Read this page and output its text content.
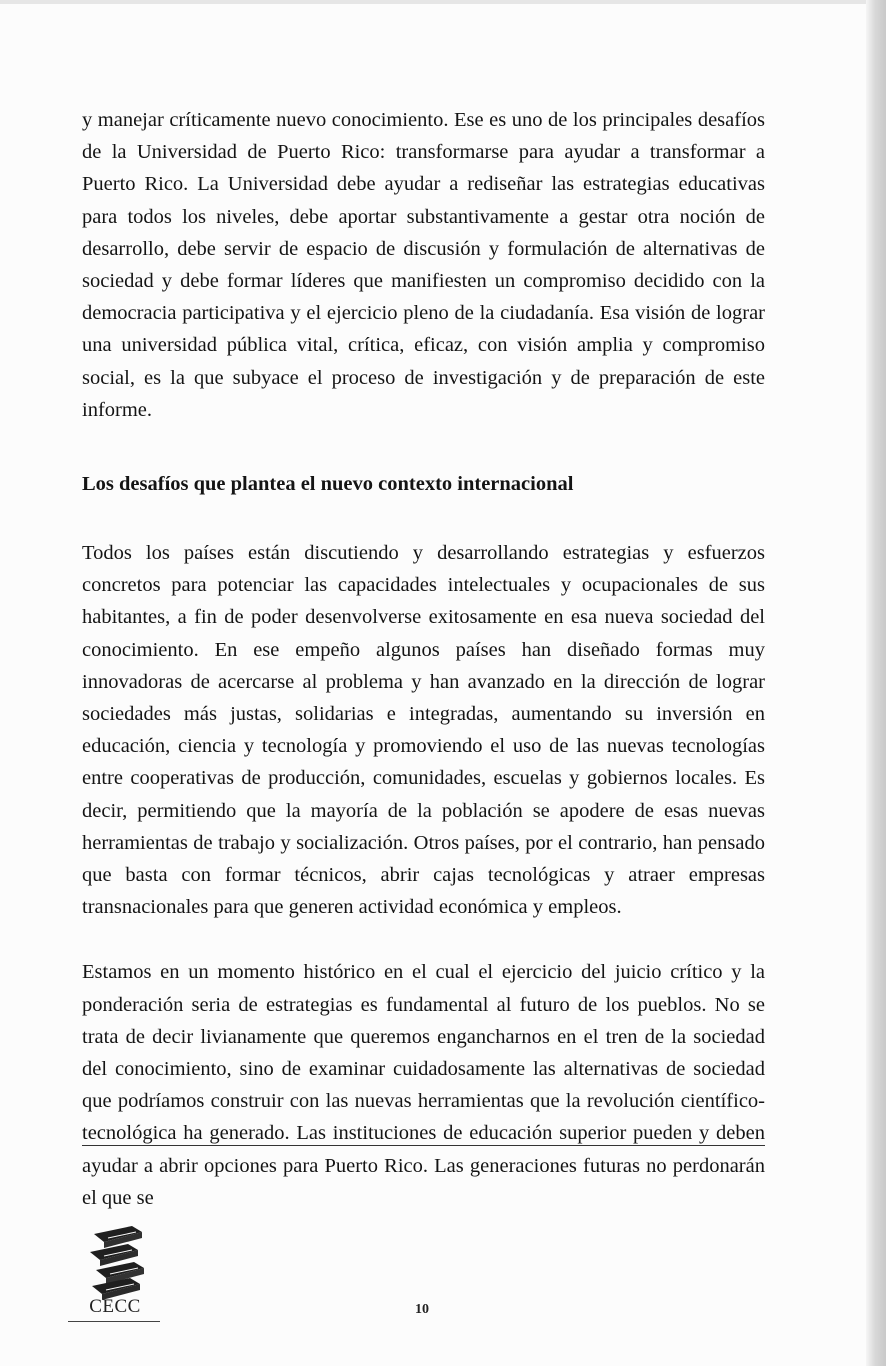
y manejar críticamente nuevo conocimiento. Ese es uno de los principales desafíos de la Universidad de Puerto Rico: transformarse para ayudar a transformar a Puerto Rico. La Universidad debe ayudar a rediseñar las estrategias educativas para todos los niveles, debe aportar substantivamente a gestar otra noción de desarrollo, debe servir de espacio de discusión y formulación de alternativas de sociedad y debe formar líderes que manifiesten un compromiso decidido con la democracia participativa y el ejercicio pleno de la ciudadanía. Esa visión de lograr una universidad pública vital, crítica, eficaz, con visión amplia y compromiso social, es la que subyace el proceso de investigación y de preparación de este informe.

Los desafíos que plantea el nuevo contexto internacional

Todos los países están discutiendo y desarrollando estrategias y esfuerzos concretos para potenciar las capacidades intelectuales y ocupacionales de sus habitantes, a fin de poder desenvolverse exitosamente en esa nueva sociedad del conocimiento. En ese empeño algunos países han diseñado formas muy innovadoras de acercarse al problema y han avanzado en la dirección de lograr sociedades más justas, solidarias e integradas, aumentando su inversión en educación, ciencia y tecnología y promoviendo el uso de las nuevas tecnologías entre cooperativas de producción, comunidades, escuelas y gobiernos locales. Es decir, permitiendo que la mayoría de la población se apodere de esas nuevas herramientas de trabajo y socialización. Otros países, por el contrario, han pensado que basta con formar técnicos, abrir cajas tecnológicas y atraer empresas transnacionales para que generen actividad económica y empleos.

Estamos en un momento histórico en el cual el ejercicio del juicio crítico y la ponderación seria de estrategias es fundamental al futuro de los pueblos. No se trata de decir livianamente que queremos engancharnos en el tren de la sociedad del conocimiento, sino de examinar cuidadosamente las alternativas de sociedad que podríamos construir con las nuevas herramientas que la revolución científico-tecnológica ha generado. Las instituciones de educación superior pueden y deben ayudar a abrir opciones para Puerto Rico. Las generaciones futuras no perdonarán el que se

CECC	10
